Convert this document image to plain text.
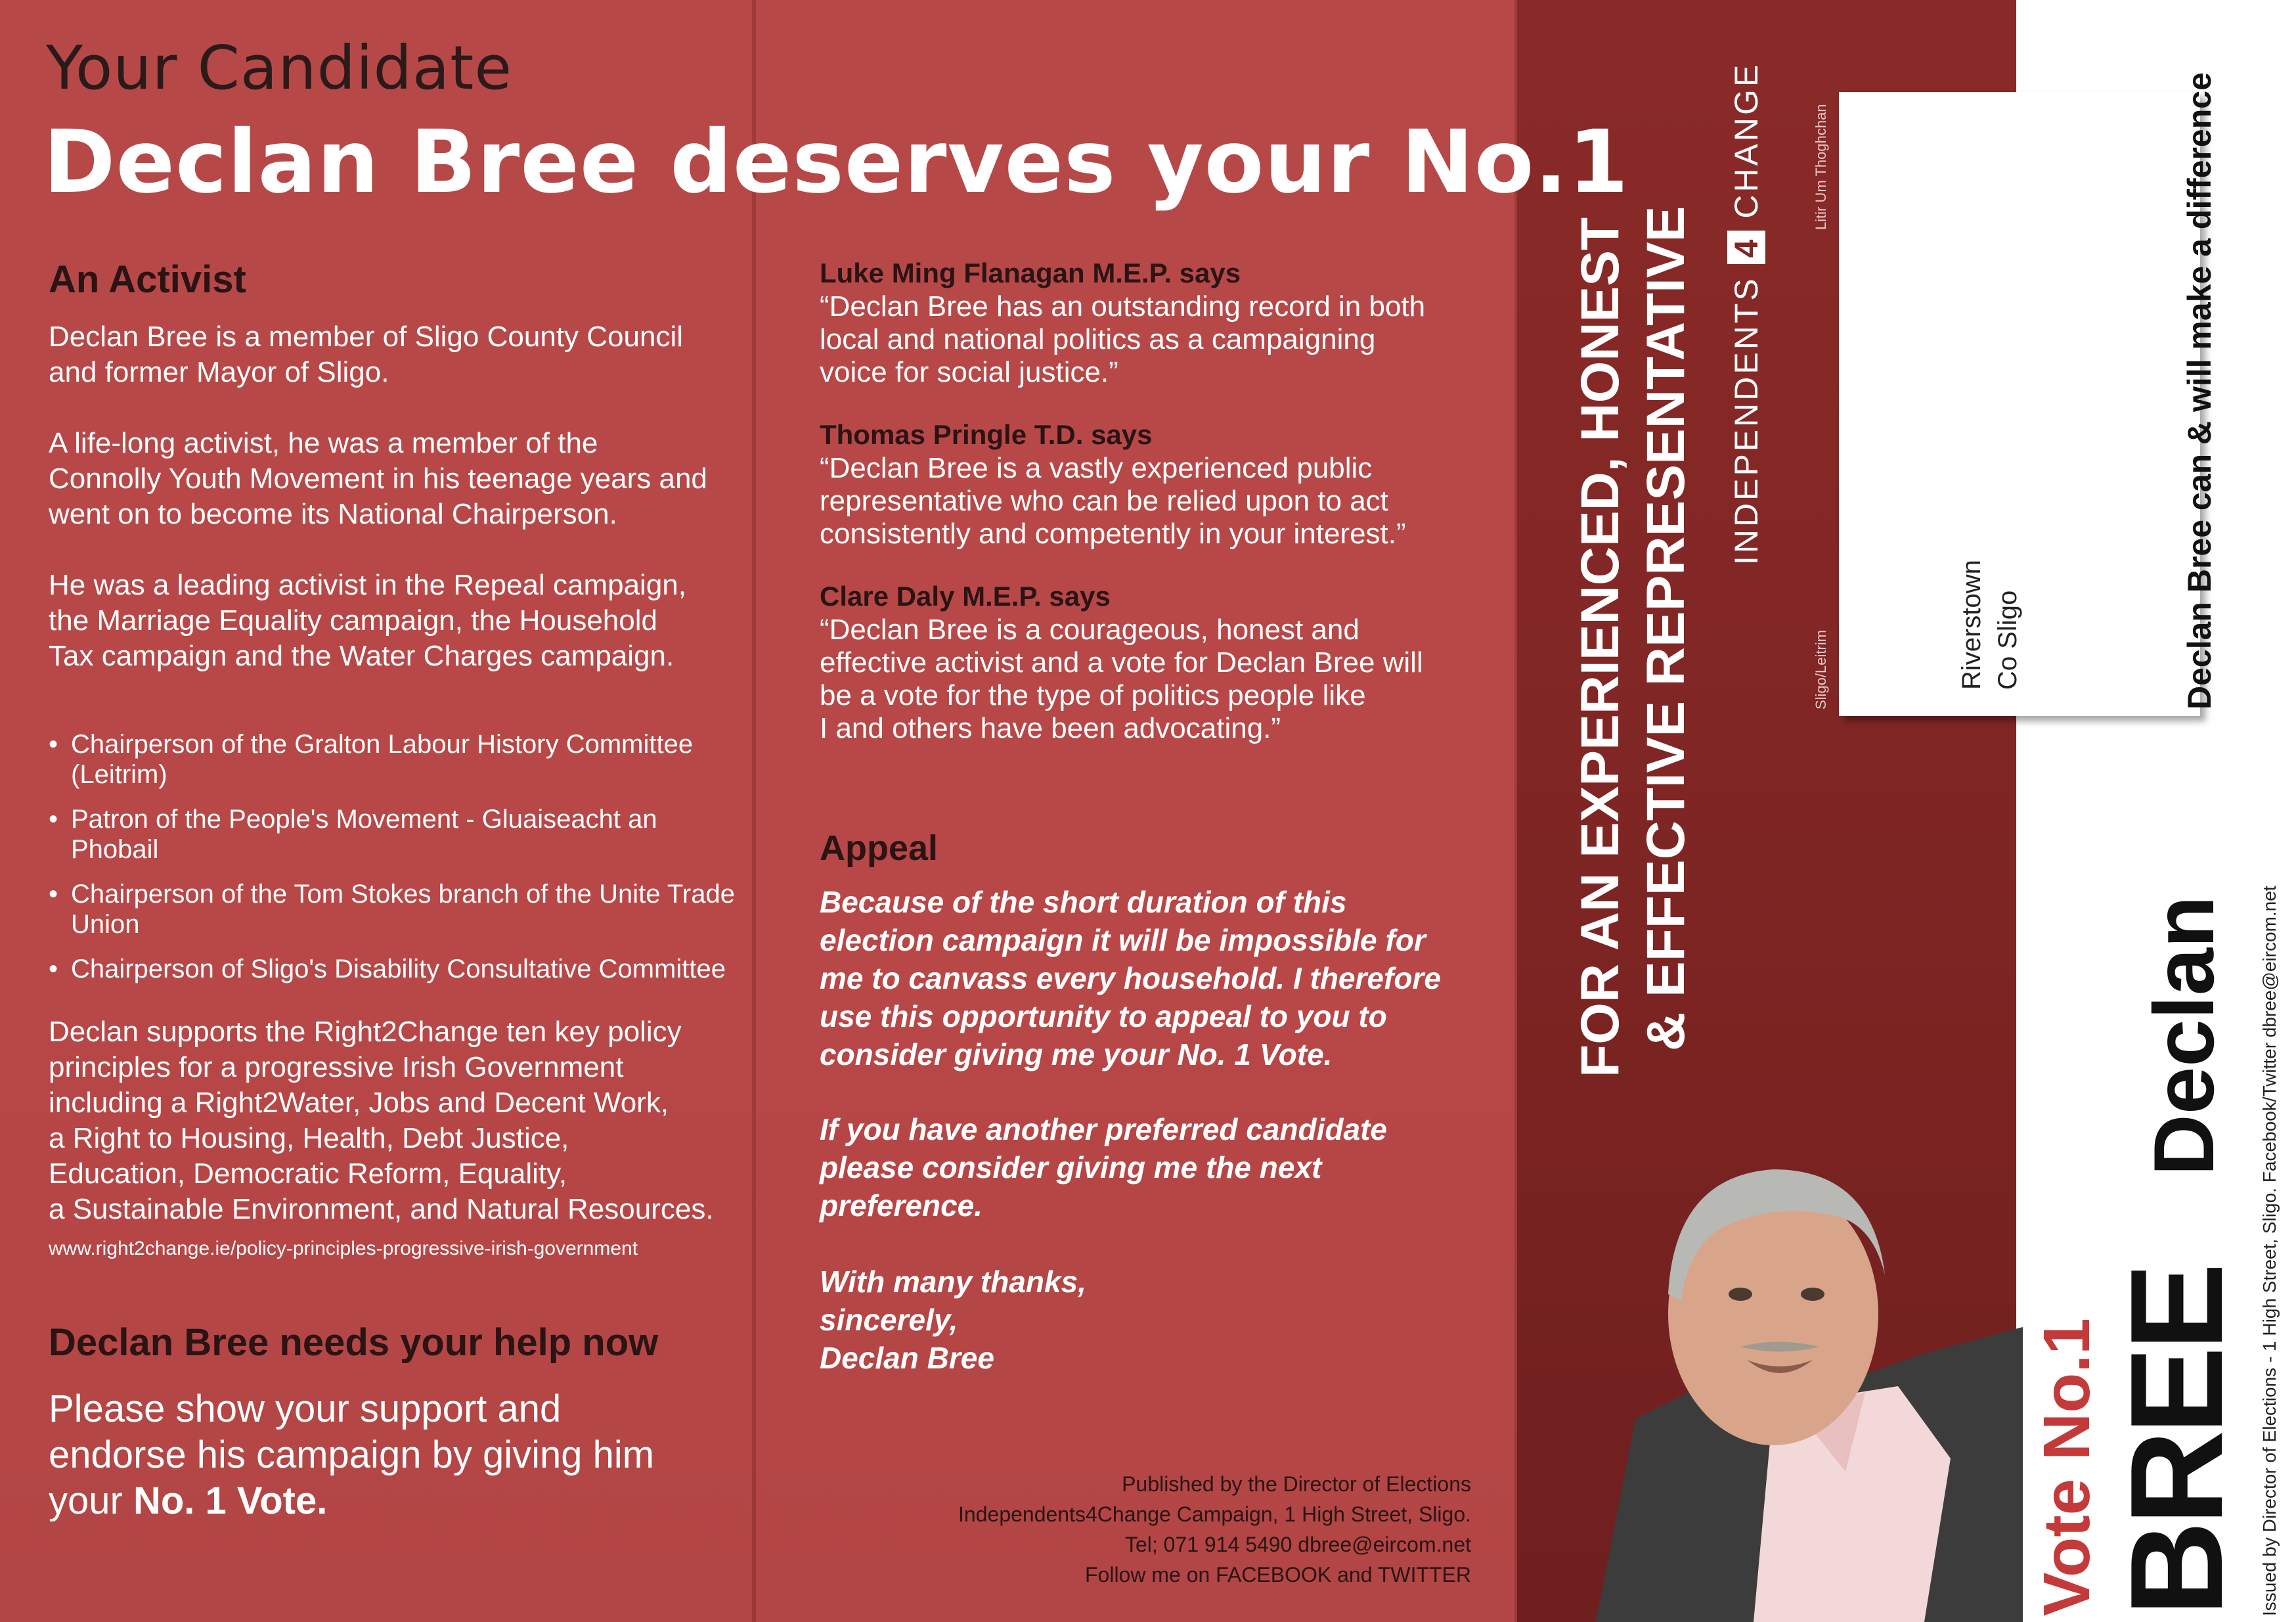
Your Candidate
Declan Bree deserves your No.1
An Activist
Declan Bree is a member of Sligo County Council
and former Mayor of Sligo.
A life-long activist, he was a member of the
Connolly Youth Movement in his teenage years and
went on to become its National Chairperson.
He was a leading activist in the Repeal campaign,
the Marriage Equality campaign, the Household
Tax campaign and the Water Charges campaign.
• Chairperson of the Gralton Labour History Committee
(Leitrim)
• Patron of the People's Movement - Gluaiseacht an
Phobail
• Chairperson of the Tom Stokes branch of the Unite Trade
Union
• Chairperson of Sligo's Disability Consultative Committee
Declan supports the Right2Change ten key policy
principles for a progressive Irish Government
including a Right2Water, Jobs and Decent Work,
a Right to Housing, Health, Debt Justice,
Education, Democratic Reform, Equality,
a Sustainable Environment, and Natural Resources.
www.right2change.ie/policy-principles-progressive-irish-government
Declan Bree needs your help now
Please show your support and
endorse his campaign by giving him
your No. 1 Vote.
Luke Ming Flanagan M.E.P. says
“Declan Bree has an outstanding record in both
local and national politics as a campaigning
voice for social justice.”
Thomas Pringle T.D. says
“Declan Bree is a vastly experienced public
representative who can be relied upon to act
consistently and competently in your interest.”
Clare Daly M.E.P. says
“Declan Bree is a courageous, honest and
effective activist and a vote for Declan Bree will
be a vote for the type of politics people like
I and others have been advocating.”
Appeal
Because of the short duration of this
election campaign it will be impossible for
me to canvass every household. I therefore
use this opportunity to appeal to you to
consider giving me your No. 1 Vote.
If you have another preferred candidate
please consider giving me the next
preference.
With many thanks,
sincerely,
Declan Bree
Published by the Director of Elections
Independents4Change Campaign, 1 High Street, Sligo.
Tel; 071 914 5490 dbree@eircom.net
Follow me on FACEBOOK and TWITTER
FOR AN EXPERIENCED, HONEST & EFFECTIVE REPRESENTATIVE INDEPENDENTS 4 CHANGE	Litir Um Thoghchan
Sligo/Leitrim	Riverstown Co Sligo	Declan Bree can & will make a difference
Vote No.1 BREE
Declan Issued by Director of Elections - 1 High Street, Sligo. Facebook/Twitter dbree@eircom.net
